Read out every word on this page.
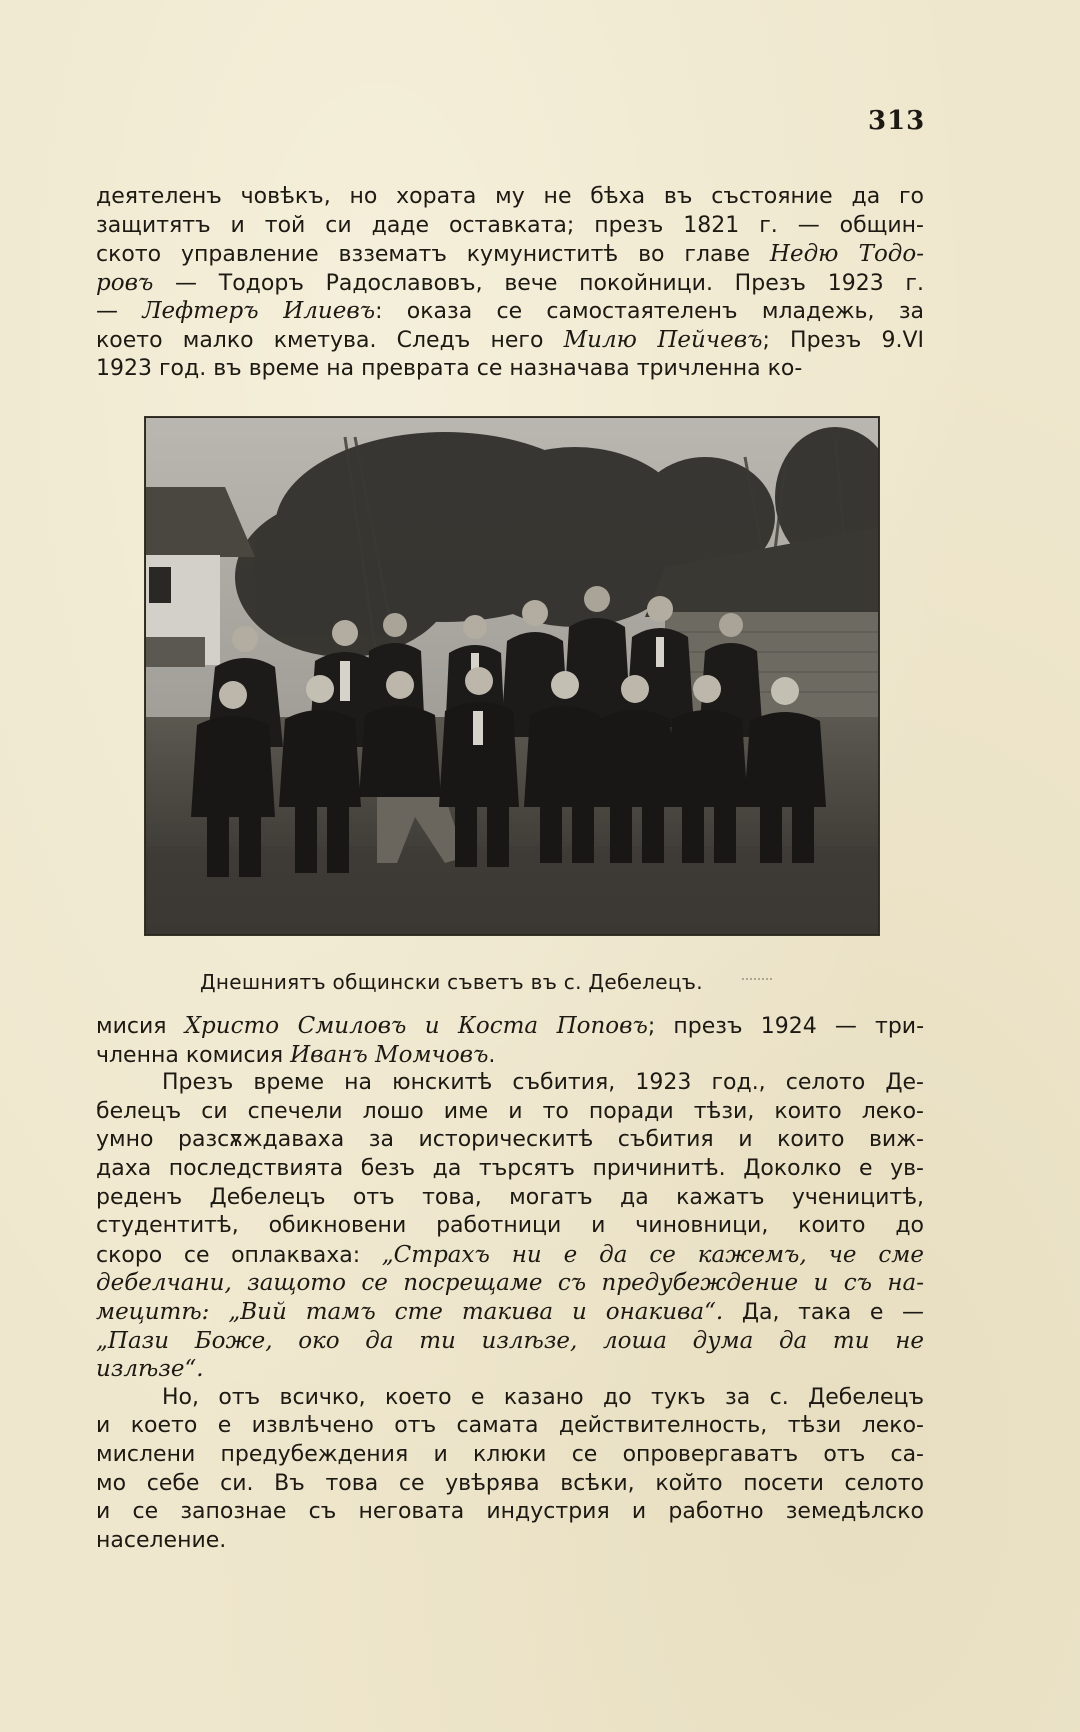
313
деятеленъ човѣкъ, но хората му не бѣха въ състояние да го
защитятъ и той си даде оставката; презъ 1821 г. — общин-
ското управление вззематъ кумуниститѣ во главе Недю Тодо-
ровъ — Тодоръ Радославовъ, вече покойници. Презъ 1923 г.
— Лефтеръ Илиевъ: оказа се самостаятеленъ младежь, за
което малко кметува. Следъ него Милю Пейчевъ; Презъ 9.VI
1923 год. въ време на преврата се назначава тричленна ко-
Днешниятъ общински съветъ въ с. Дебелецъ.
мисия Христо Смиловъ и Коста Поповъ; презъ 1924 — три-
членна комисия Иванъ Момчовъ.
Презъ време на юнскитѣ събития, 1923 год., селото Де-
белецъ си спечели лошо име и то поради тѣзи, които леко-
умно разсѫждаваха за историческитѣ събития и които виж-
даха последствията безъ да търсятъ причинитѣ. Доколко е ув-
реденъ Дебелецъ отъ това, могатъ да кажатъ ученицитѣ,
студентитѣ, обикновени работници и чиновници, които до
скоро се оплакваха: „Страхъ ни е да се кажемъ, че сме
дебелчани, защото се посрещаме съ предубеждение и съ на-
мецитѣ: „Вий тамъ сте такива и онакива“. Да, така е —
„Пази Боже, око да ти излѣзе, лоша дума да ти не
излѣзе“.
Но, отъ всичко, което е казано до тукъ за с. Дебелецъ
и което е извлѣчено отъ самата действителность, тѣзи леко-
мислени предубеждения и клюки се опровергаватъ отъ са-
мо себе си. Въ това се увѣрява всѣки, който посети селото
и се запознае съ неговата индустрия и работно земедѣлско
население.
